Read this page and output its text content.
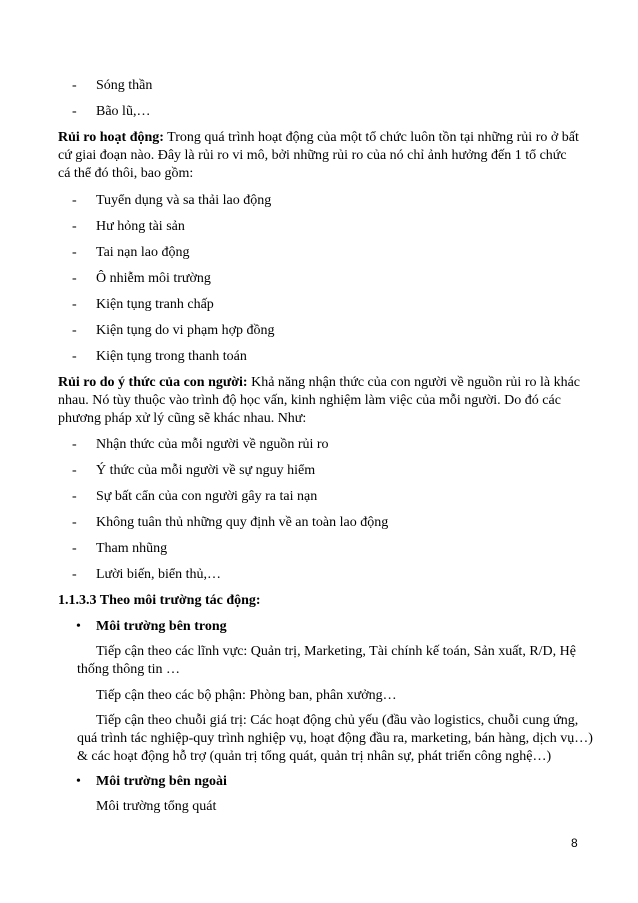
- Sóng thần
- Bão lũ,…
Rủi ro hoạt động: Trong quá trình hoạt động của một tổ chức luôn tồn tại những rủi ro ở bất
cứ giai đoạn nào. Đây là rủi ro vi mô, bởi những rủi ro của nó chỉ ảnh hưởng đến 1 tổ chức
cá thể đó thôi, bao gồm:
- Tuyển dụng và sa thải lao động
- Hư hỏng tài sản
- Tai nạn lao động
- Ô nhiễm môi trường
- Kiện tụng tranh chấp
- Kiện tụng do vi phạm hợp đồng
- Kiện tụng trong thanh toán
Rủi ro do ý thức của con người: Khả năng nhận thức của con người về nguồn rủi ro là khác
nhau. Nó tùy thuộc vào trình độ học vấn, kinh nghiệm làm việc của mỗi người. Do đó các
phương pháp xử lý cũng sẽ khác nhau. Như:
- Nhận thức của mỗi người về nguồn rủi ro
- Ý thức của mỗi người về sự nguy hiểm
- Sự bất cẩn của con người gây ra tai nạn
- Không tuân thủ những quy định về an toàn lao động
- Tham nhũng
- Lười biến, biển thủ,…
1.1.3.3 Theo môi trường tác động:
• Môi trường bên trong
Tiếp cận theo các lĩnh vực: Quản trị, Marketing, Tài chính kế toán, Sản xuất, R/D, Hệ
thống thông tin …
Tiếp cận theo các bộ phận: Phòng ban, phân xưởng…
Tiếp cận theo chuỗi giá trị: Các hoạt động chủ yếu (đầu vào logistics, chuỗi cung ứng,
quá trình tác nghiệp-quy trình nghiệp vụ, hoạt động đầu ra, marketing, bán hàng, dịch vụ…)
& các hoạt động hỗ trợ (quản trị tổng quát, quản trị nhân sự, phát triển công nghệ…)
• Môi trường bên ngoài
Môi trường tổng quát
8
